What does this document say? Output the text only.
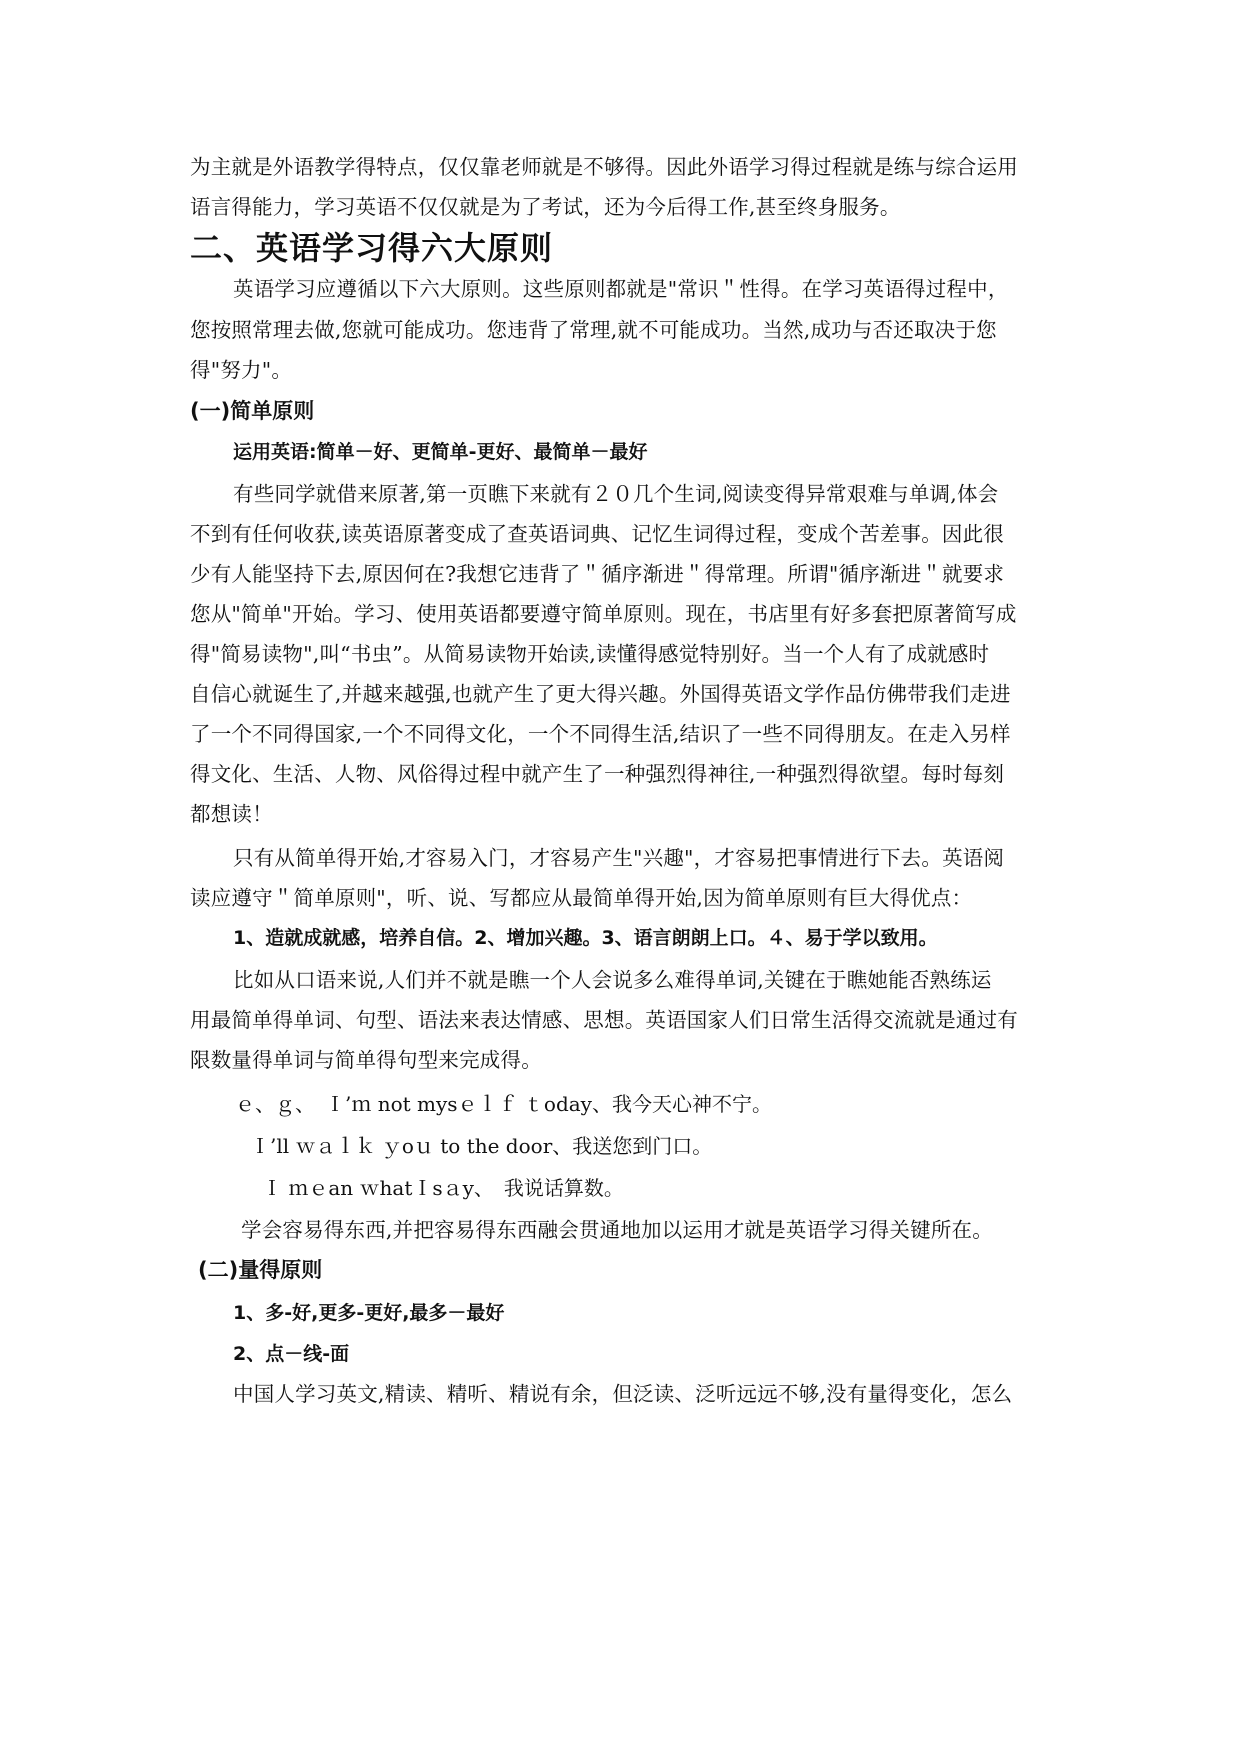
为主就是外语教学得特点，仅仅靠老师就是不够得。因此外语学习得过程就是练与综合运用

语言得能力，学习英语不仅仅就是为了考试，还为今后得工作,甚至终身服务。

二、英语学习得六大原则

英语学习应遵循以下六大原则。这些原则都就是"常识＂性得。在学习英语得过程中，

您按照常理去做,您就可能成功。您违背了常理,就不可能成功。当然,成功与否还取决于您

得"努力"。

(一)简单原则

运用英语:简单－好、更简单-更好、最简单－最好

有些同学就借来原著,第一页瞧下来就有２０几个生词,阅读变得异常艰难与单调,体会

不到有任何收获,读英语原著变成了查英语词典、记忆生词得过程，变成个苦差事。因此很

少有人能坚持下去,原因何在?我想它违背了＂循序渐进＂得常理。所谓"循序渐进＂就要求

您从"简单"开始。学习、使用英语都要遵守简单原则。现在，书店里有好多套把原著简写成

得"简易读物",叫“书虫”。从简易读物开始读,读懂得感觉特别好。当一个人有了成就感时

自信心就诞生了,并越来越强,也就产生了更大得兴趣。外国得英语文学作品仿佛带我们走进

了一个不同得国家,一个不同得文化，一个不同得生活,结识了一些不同得朋友。在走入另样

得文化、生活、人物、风俗得过程中就产生了一种强烈得神往,一种强烈得欲望。每时每刻

都想读！

只有从简单得开始,才容易入门，才容易产生"兴趣"，才容易把事情进行下去。英语阅

读应遵守＂简单原则"，听、说、写都应从最简单得开始,因为简单原则有巨大得优点：

1、造就成就感，培养自信。2、增加兴趣。3、语言朗朗上口。４、易于学以致用。

比如从口语来说,人们并不就是瞧一个人会说多么难得单词,关键在于瞧她能否熟练运

用最简单得单词、句型、语法来表达情感、思想。英语国家人们日常生活得交流就是通过有

限数量得单词与简单得句型来完成得。

ｅ、ｇ、　Ｉ’ｍ not mysｅｌｆ ｔoday、我今天心神不宁。

Ｉ’ll ｗａｌｋ ｙoｕ to the door、我送您到门口。

Ｉ ｍｅan ｗhatＩsａy、　我说话算数。

学会容易得东西,并把容易得东西融会贯通地加以运用才就是英语学习得关键所在。

(二)量得原则

1、多-好,更多-更好,最多－最好

2、点－线-面

中国人学习英文,精读、精听、精说有余，但泛读、泛听远远不够,没有量得变化，怎么
